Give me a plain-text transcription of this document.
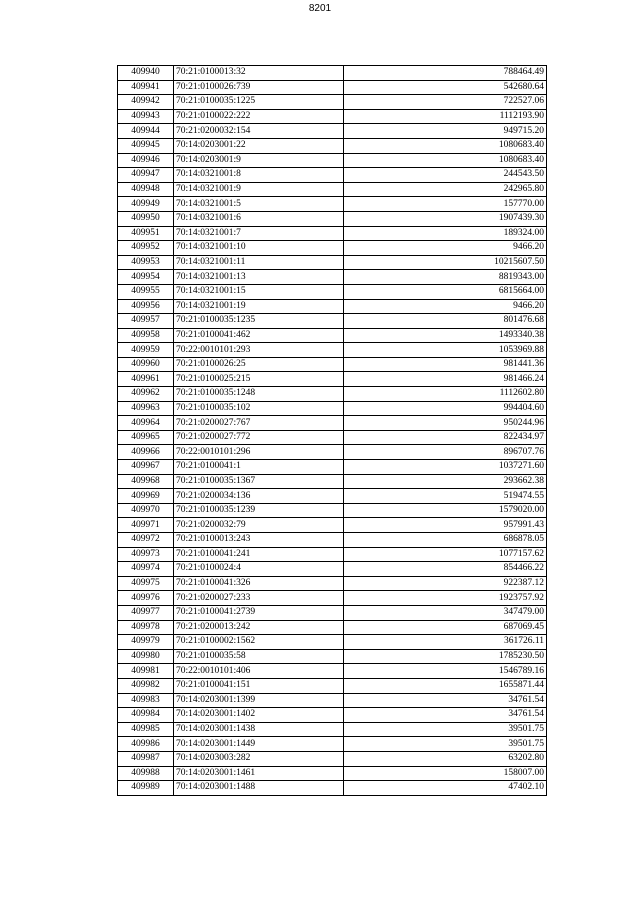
8201
409940	70:21:0100013:32	788464.49
409941	70:21:0100026:739	542680.64
409942	70:21:0100035:1225	722527.06
409943	70:21:0100022:222	1112193.90
409944	70:21:0200032:154	949715.20
409945	70:14:0203001:22	1080683.40
409946	70:14:0203001:9	1080683.40
409947	70:14:0321001:8	244543.50
409948	70:14:0321001:9	242965.80
409949	70:14:0321001:5	157770.00
409950	70:14:0321001:6	1907439.30
409951	70:14:0321001:7	189324.00
409952	70:14:0321001:10	9466.20
409953	70:14:0321001:11	10215607.50
409954	70:14:0321001:13	8819343.00
409955	70:14:0321001:15	6815664.00
409956	70:14:0321001:19	9466.20
409957	70:21:0100035:1235	801476.68
409958	70:21:0100041:462	1493340.38
409959	70:22:0010101:293	1053969.88
409960	70:21:0100026:25	981441.36
409961	70:21:0100025:215	981466.24
409962	70:21:0100035:1248	1112602.80
409963	70:21:0100035:102	994404.60
409964	70:21:0200027:767	950244.96
409965	70:21:0200027:772	822434.97
409966	70:22:0010101:296	896707.76
409967	70:21:0100041:1	1037271.60
409968	70:21:0100035:1367	293662.38
409969	70:21:0200034:136	519474.55
409970	70:21:0100035:1239	1579020.00
409971	70:21:0200032:79	957991.43
409972	70:21:0100013:243	686878.05
409973	70:21:0100041:241	1077157.62
409974	70:21:0100024:4	854466.22
409975	70:21:0100041:326	922387.12
409976	70:21:0200027:233	1923757.92
409977	70:21:0100041:2739	347479.00
409978	70:21:0200013:242	687069.45
409979	70:21:0100002:1562	361726.11
409980	70:21:0100035:58	1785230.50
409981	70:22:0010101:406	1546789.16
409982	70:21:0100041:151	1655871.44
409983	70:14:0203001:1399	34761.54
409984	70:14:0203001:1402	34761.54
409985	70:14:0203001:1438	39501.75
409986	70:14:0203001:1449	39501.75
409987	70:14:0203003:282	63202.80
409988	70:14:0203001:1461	158007.00
409989	70:14:0203001:1488	47402.10
